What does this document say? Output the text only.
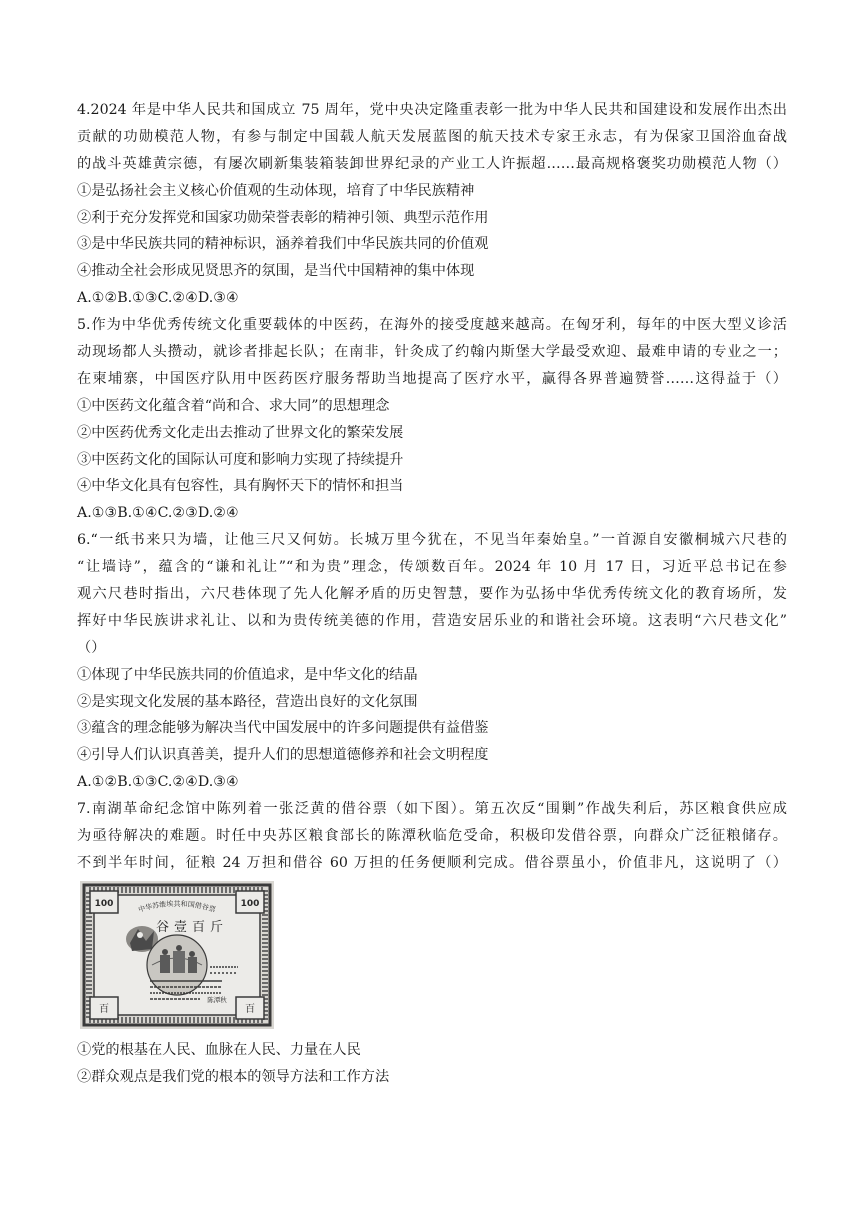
4.2024 年是中华人民共和国成立 75 周年，党中央决定隆重表彰一批为中华人民共和国建设和发展作出杰出
贡献的功勋模范人物，有参与制定中国载人航天发展蓝图的航天技术专家王永志，有为保家卫国浴血奋战
的战斗英雄黄宗德，有屡次刷新集装箱装卸世界纪录的产业工人许振超……最高规格褒奖功勋模范人物（）
①是弘扬社会主义核心价值观的生动体现，培育了中华民族精神
②利于充分发挥党和国家功勋荣誉表彰的精神引领、典型示范作用
③是中华民族共同的精神标识，涵养着我们中华民族共同的价值观
④推动全社会形成见贤思齐的氛围，是当代中国精神的集中体现
A.①②B.①③C.②④D.③④
5.作为中华优秀传统文化重要载体的中医药，在海外的接受度越来越高。在匈牙利，每年的中医大型义诊活
动现场都人头攒动，就诊者排起长队；在南非，针灸成了约翰内斯堡大学最受欢迎、最难申请的专业之一；
在柬埔寨，中国医疗队用中医药医疗服务帮助当地提高了医疗水平，赢得各界普遍赞誉……这得益于（）
①中医药文化蕴含着“尚和合、求大同”的思想理念
②中医药优秀文化走出去推动了世界文化的繁荣发展
③中医药文化的国际认可度和影响力实现了持续提升
④中华文化具有包容性，具有胸怀天下的情怀和担当
A.①③B.①④C.②③D.②④
6.“一纸书来只为墙，让他三尺又何妨。长城万里今犹在，不见当年秦始皇。”一首源自安徽桐城六尺巷的
“让墙诗”，蕴含的“谦和礼让”“和为贵”理念，传颂数百年。2024 年 10 月 17 日，习近平总书记在参
观六尺巷时指出，六尺巷体现了先人化解矛盾的历史智慧，要作为弘扬中华优秀传统文化的教育场所，发
挥好中华民族讲求礼让、以和为贵传统美德的作用，营造安居乐业的和谐社会环境。这表明“六尺巷文化”
（）
①体现了中华民族共同的价值追求，是中华文化的结晶
②是实现文化发展的基本路径，营造出良好的文化氛围
③蕴含的理念能够为解决当代中国发展中的许多问题提供有益借鉴
④引导人们认识真善美，提升人们的思想道德修养和社会文明程度
A.①②B.①③C.②④D.③④
7.南湖革命纪念馆中陈列着一张泛黄的借谷票（如下图）。第五次反“围剿”作战失利后，苏区粮食供应成
为亟待解决的难题。时任中央苏区粮食部长的陈潭秋临危受命，积极印发借谷票，向群众广泛征粮储存。
不到半年时间，征粮 24 万担和借谷 60 万担的任务便顺利完成。借谷票虽小，价值非凡，这说明了（）
100	100
百	百
中华苏维埃共和国借谷票
谷壹百斤
陈潭秋
①党的根基在人民、血脉在人民、力量在人民
②群众观点是我们党的根本的领导方法和工作方法
